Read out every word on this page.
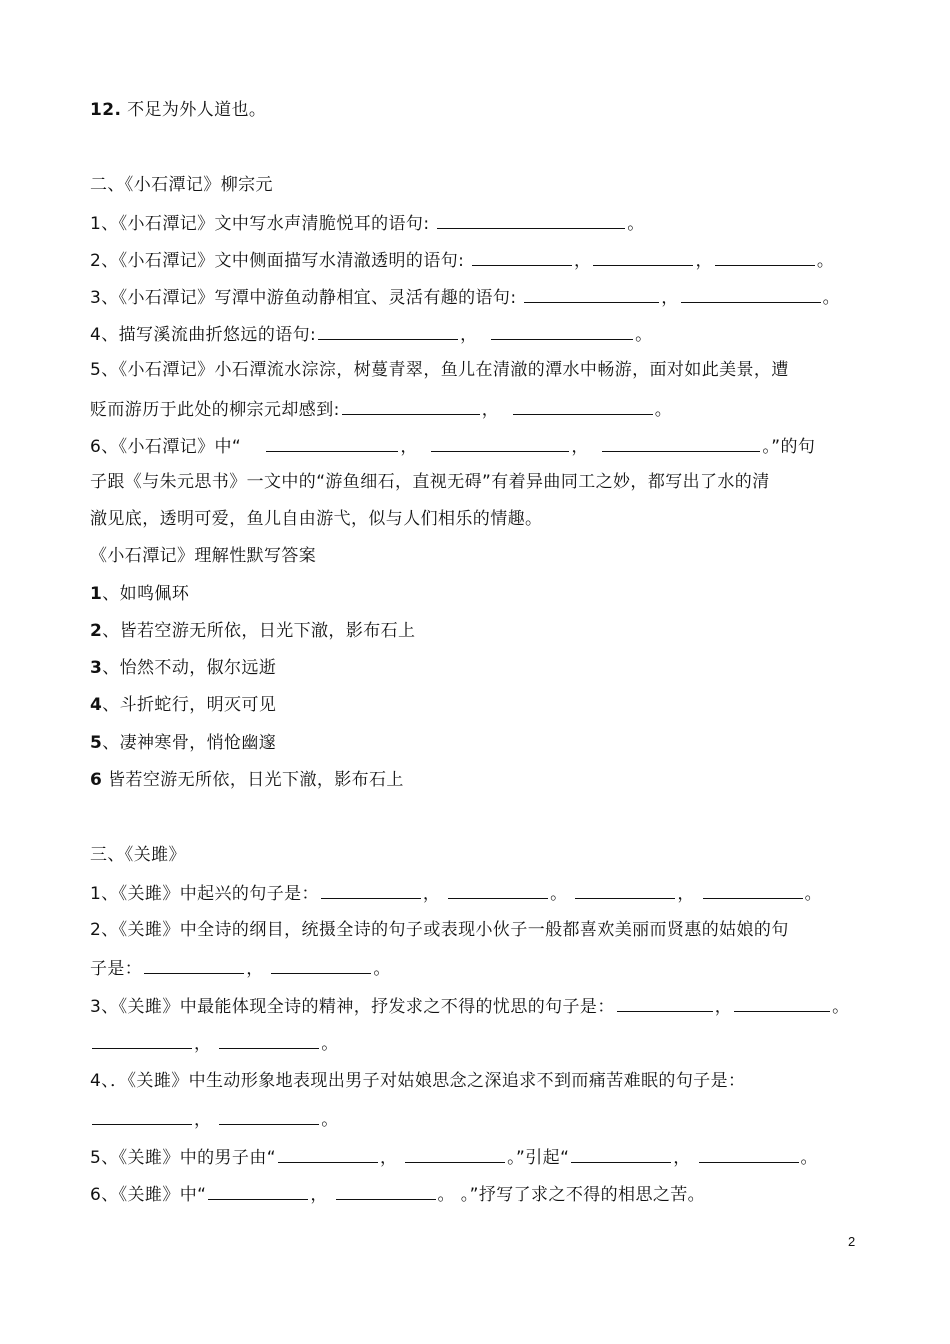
12. 不足为外人道也。
二、《小石潭记》柳宗元
1、《小石潭记》文中写水声清脆悦耳的语句:	。
2、《小石潭记》文中侧面描写水清澈透明的语句:	，	，	。
3、《小石潭记》写潭中游鱼动静相宜、灵活有趣的语句:	，	。
4、描写溪流曲折悠远的语句:	，	。
5、《小石潭记》小石潭流水淙淙，树蔓青翠，鱼儿在清澈的潭水中畅游，面对如此美景，遭
贬而游历于此处的柳宗元却感到:	，	。
6、《小石潭记》中“	，	，	。”的句
子跟《与朱元思书》一文中的“游鱼细石，直视无碍”有着异曲同工之妙，都写出了水的清
澈见底，透明可爱，鱼儿自由游弋，似与人们相乐的情趣。
《小石潭记》理解性默写答案
1、如鸣佩环
2、皆若空游无所依，日光下澈，影布石上
3、怡然不动，俶尔远逝
4、斗折蛇行，明灭可见
5、凄神寒骨，悄怆幽邃
6 皆若空游无所依，日光下澈，影布石上
三、《关雎》
1、《关雎》中起兴的句子是：	，	。	，	。
2、《关雎》中全诗的纲目，统摄全诗的句子或表现小伙子一般都喜欢美丽而贤惠的姑娘的句
子是：	，	。
3、《关雎》中最能体现全诗的精神，抒发求之不得的忧思的句子是：	，	。
，	。
4、．《关雎》中生动形象地表现出男子对姑娘思念之深追求不到而痛苦难眠的句子是：
，	。
5、《关雎》中的男子由“	，	。”引起“	，	。
6、《关雎》中“	，	。 。”抒写了求之不得的相思之苦。
2
